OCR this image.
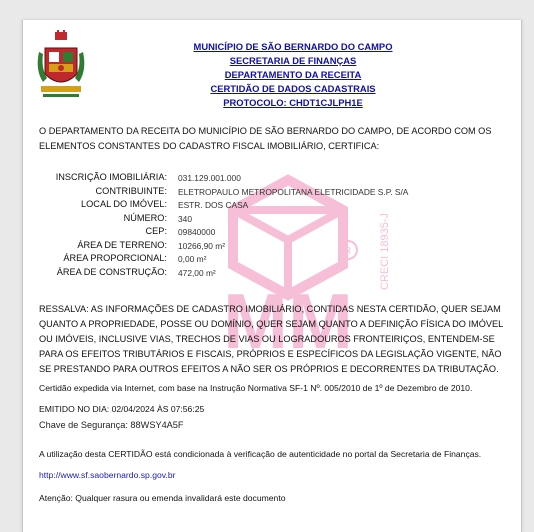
R
MM
CRECI 18935-J
MUNICÍPIO DE SÃO BERNARDO DO CAMPO
SECRETARIA DE FINANÇAS
DEPARTAMENTO DA RECEITA
CERTIDÃO DE DADOS CADASTRAIS
PROTOCOLO: CHDT1CJLPH1E
O DEPARTAMENTO DA RECEITA DO MUNICÍPIO DE SÃO BERNARDO DO CAMPO, DE ACORDO COM OS ELEMENTOS CONSTANTES DO CADASTRO FISCAL IMOBILIÁRIO, CERTIFICA:
INSCRIÇÃO IMOBILIÁRIA: 031.129.001.000
CONTRIBUINTE: ELETROPAULO METROPOLITANA ELETRICIDADE S.P. S/A
LOCAL DO IMÓVEL: ESTR. DOS CASA
NÚMERO: 340
CEP: 09840000
ÁREA DE TERRENO: 10266,90 m²
ÁREA PROPORCIONAL: 0,00 m²
ÁREA DE CONSTRUÇÃO: 472,00 m²
RESSALVA: AS INFORMAÇÕES DE CADASTRO IMOBILIÁRIO, CONTIDAS NESTA CERTIDÃO, QUER SEJAM QUANTO A PROPRIEDADE, POSSE OU DOMÍNIO, QUER SEJAM QUANTO A DEFINIÇÃO FÍSICA DO IMÓVEL OU IMÓVEIS, INCLUSIVE VIAS, TRECHOS DE VIAS OU LOGRADOUROS FRONTEIRIÇOS, ENTENDEM-SE PARA OS EFEITOS TRIBUTÁRIOS E FISCAIS, PRÓPRIOS E ESPECÍFICOS DA LEGISLAÇÃO VIGENTE, NÃO SE PRESTANDO PARA OUTROS EFEITOS A NÃO SER OS PRÓPRIOS E DECORRENTES DA TRIBUTAÇÃO.
Certidão expedida via Internet, com base na Instrução Normativa SF-1 Nº. 005/2010 de 1º de Dezembro de 2010.
EMITIDO NO DIA: 02/04/2024 ÀS 07:56:25
Chave de Segurança: 88WSY4A5F
A utilização desta CERTIDÃO está condicionada à verificação de autenticidade no portal da Secretaria de Finanças.
http://www.sf.saobernardo.sp.gov.br
Atenção: Qualquer rasura ou emenda invalidará este documento
